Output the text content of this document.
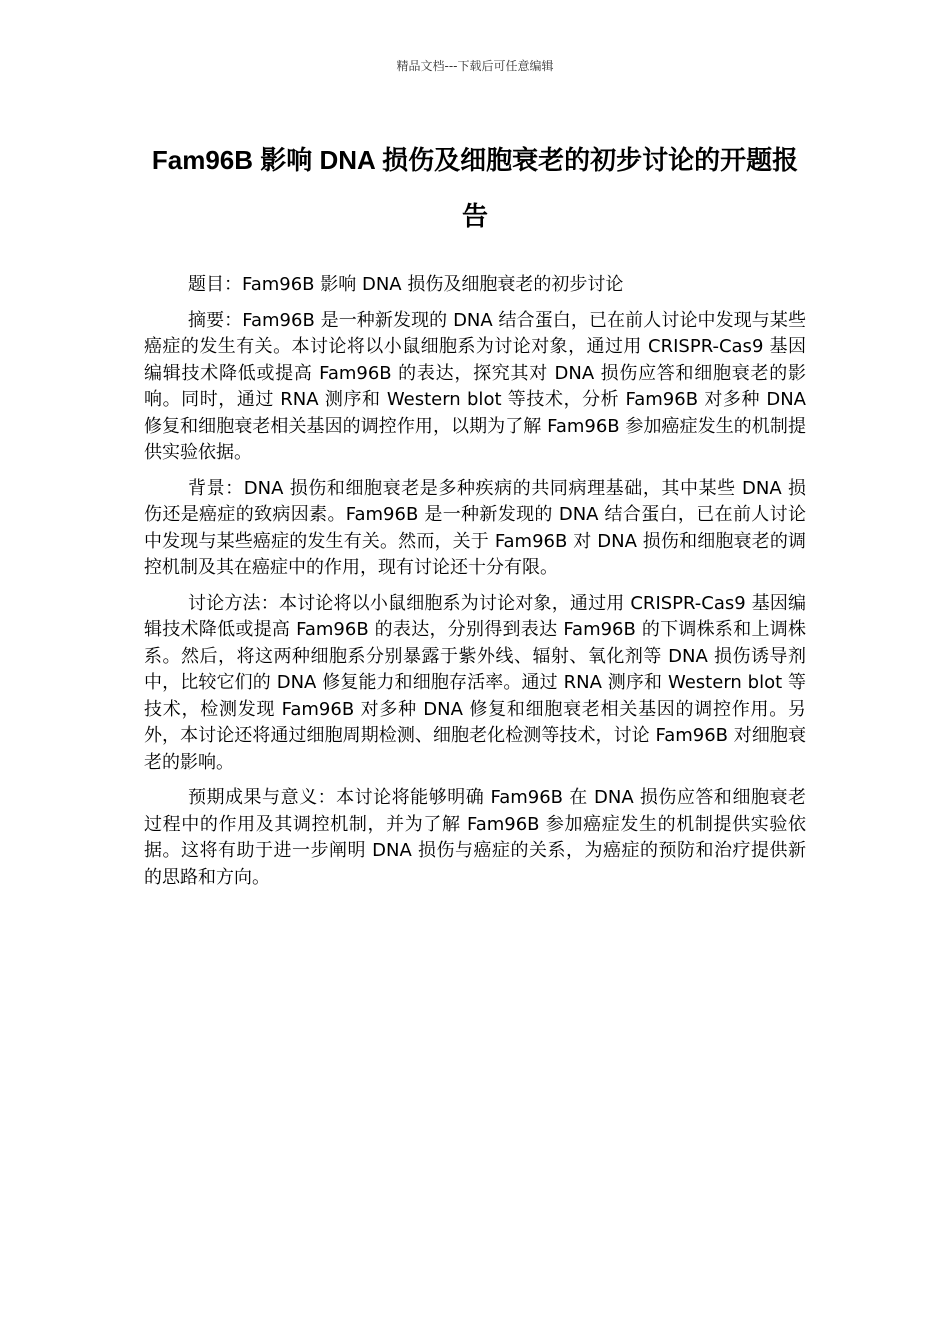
精品文档---下载后可任意编辑
Fam96B 影响 DNA 损伤及细胞衰老的初步讨论的开题报告

题目：Fam96B 影响 DNA 损伤及细胞衰老的初步讨论

摘要：Fam96B 是一种新发现的 DNA 结合蛋白，已在前人讨论中发现与某些癌症的发生有关。本讨论将以小鼠细胞系为讨论对象，通过用 CRISPR-Cas9 基因编辑技术降低或提高 Fam96B 的表达，探究其对 DNA 损伤应答和细胞衰老的影响。同时，通过 RNA 测序和 Western blot 等技术，分析 Fam96B 对多种 DNA 修复和细胞衰老相关基因的调控作用，以期为了解 Fam96B 参加癌症发生的机制提供实验依据。

背景：DNA 损伤和细胞衰老是多种疾病的共同病理基础，其中某些 DNA 损伤还是癌症的致病因素。Fam96B 是一种新发现的 DNA 结合蛋白，已在前人讨论中发现与某些癌症的发生有关。然而，关于 Fam96B 对 DNA 损伤和细胞衰老的调控机制及其在癌症中的作用，现有讨论还十分有限。

讨论方法：本讨论将以小鼠细胞系为讨论对象，通过用 CRISPR-Cas9 基因编辑技术降低或提高 Fam96B 的表达，分别得到表达 Fam96B 的下调株系和上调株系。然后，将这两种细胞系分别暴露于紫外线、辐射、氧化剂等 DNA 损伤诱导剂中，比较它们的 DNA 修复能力和细胞存活率。通过 RNA 测序和 Western blot 等技术，检测发现 Fam96B 对多种 DNA 修复和细胞衰老相关基因的调控作用。另外，本讨论还将通过细胞周期检测、细胞老化检测等技术，讨论 Fam96B 对细胞衰老的影响。

预期成果与意义：本讨论将能够明确 Fam96B 在 DNA 损伤应答和细胞衰老过程中的作用及其调控机制，并为了解 Fam96B 参加癌症发生的机制提供实验依据。这将有助于进一步阐明 DNA 损伤与癌症的关系，为癌症的预防和治疗提供新的思路和方向。
